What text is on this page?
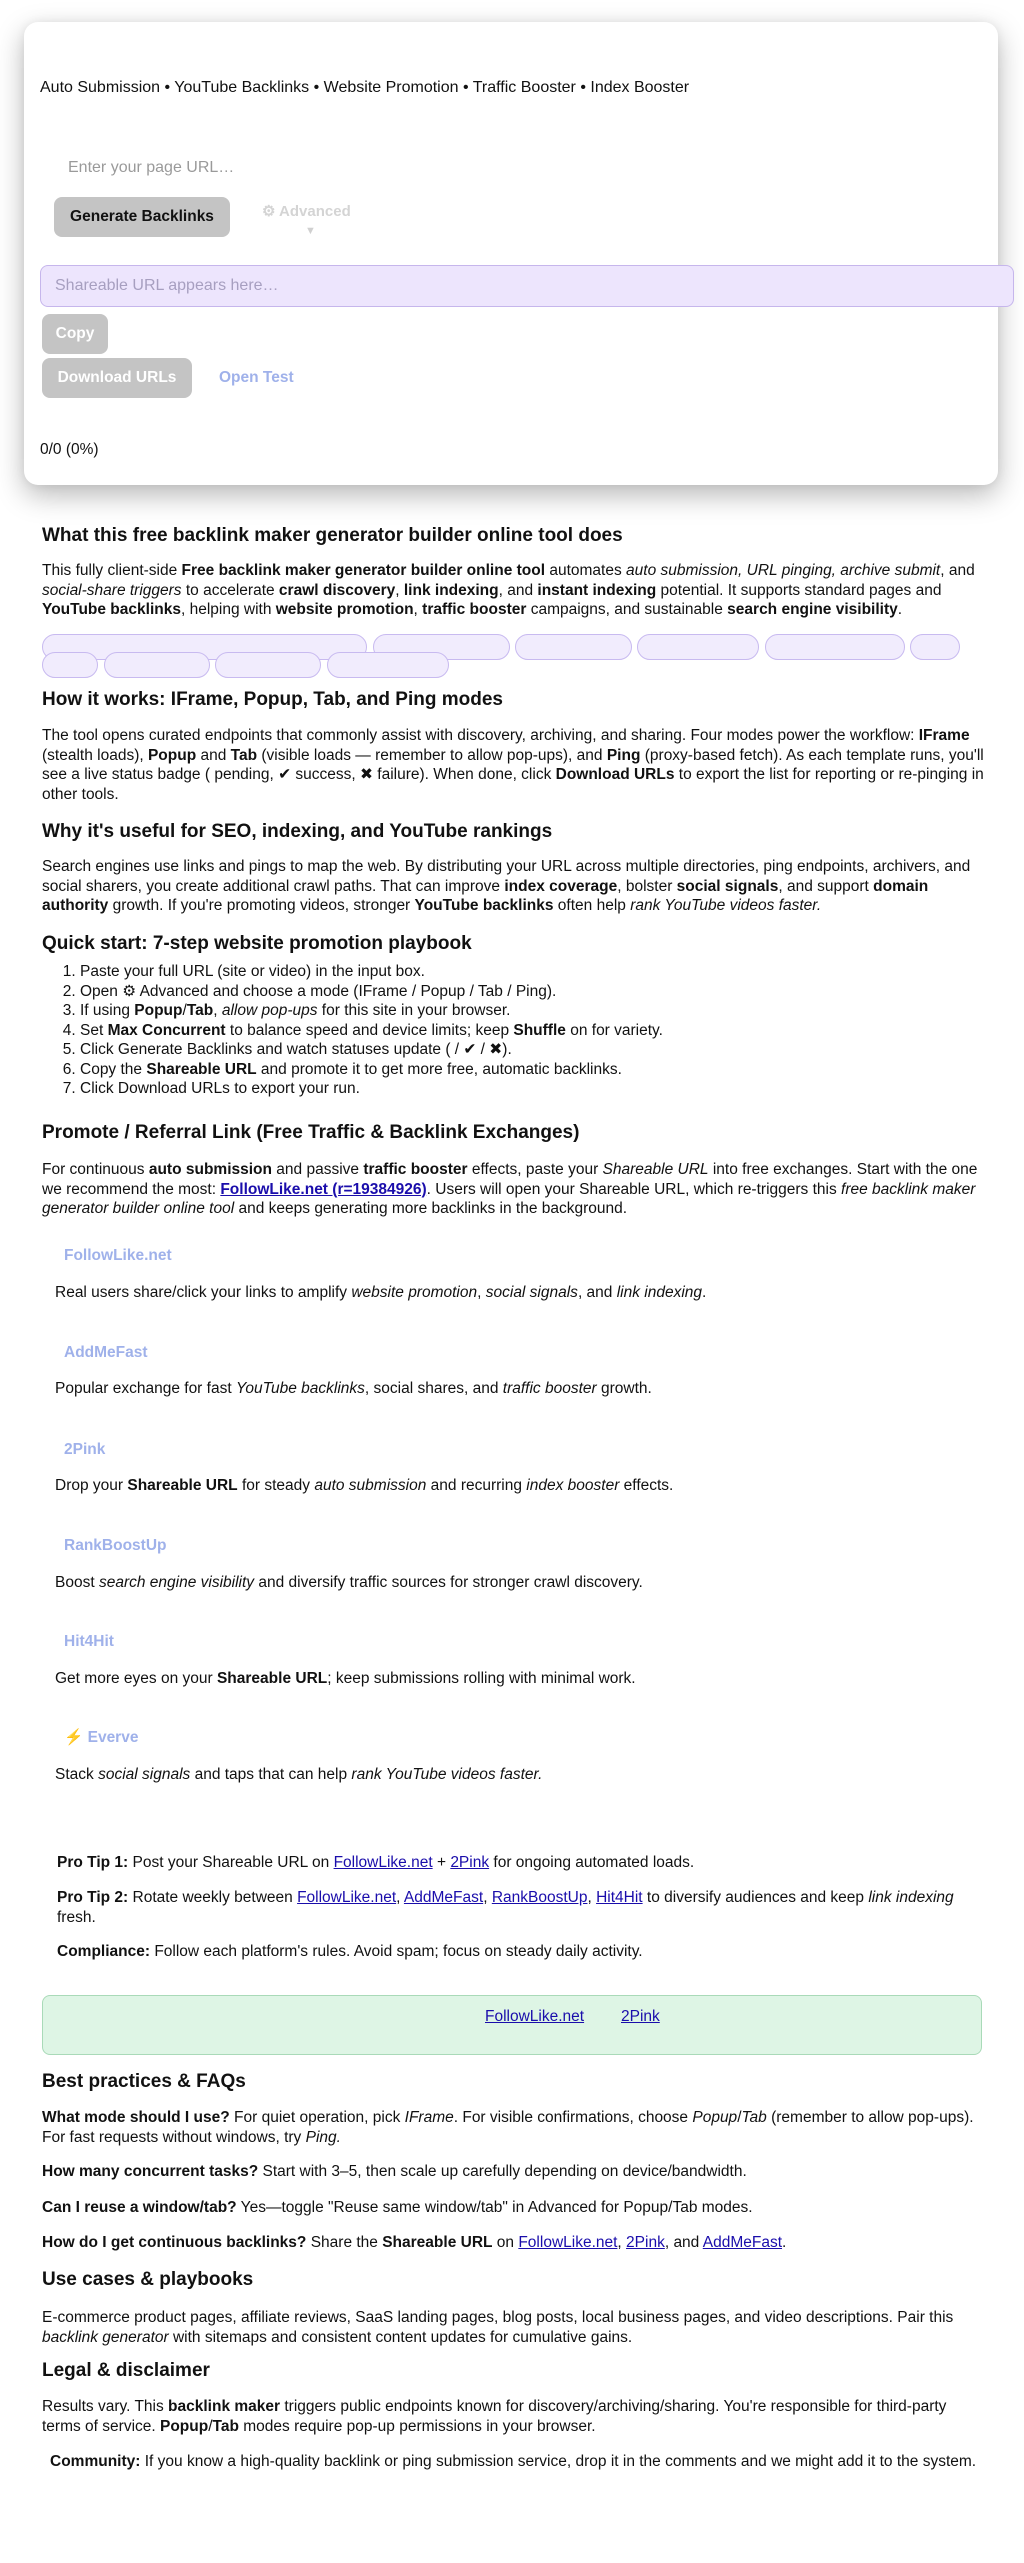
Auto Submission • YouTube Backlinks • Website Promotion • Traffic Booster • Index Booster
Enter your page URL…
Generate Backlinks	⚙ Advanced
▼
Shareable URL appears here…
Copy
Download URLs	Open Test
0/0 (0%)
What this free backlink maker generator builder online tool does

This fully client-side Free backlink maker generator builder online tool automates auto submission, URL pinging, archive submit, and social-share triggers to accelerate crawl discovery, link indexing, and instant indexing potential. It supports standard pages and YouTube backlinks, helping with website promotion, traffic booster campaigns, and sustainable search engine visibility.

How it works: IFrame, Popup, Tab, and Ping modes

The tool opens curated endpoints that commonly assist with discovery, archiving, and sharing. Four modes power the workflow: IFrame (stealth loads), Popup and Tab (visible loads — remember to allow pop-ups), and Ping (proxy-based fetch). As each template runs, you'll see a live status badge ( pending, ✔ success, ✖ failure). When done, click Download URLs to export the list for reporting or re-pinging in other tools.

Why it's useful for SEO, indexing, and YouTube rankings

Search engines use links and pings to map the web. By distributing your URL across multiple directories, ping endpoints, archivers, and social sharers, you create additional crawl paths. That can improve index coverage, bolster social signals, and support domain authority growth. If you're promoting videos, stronger YouTube backlinks often help rank YouTube videos faster.

Quick start: 7-step website promotion playbook
1. Paste your full URL (site or video) in the input box.
2. Open ⚙ Advanced and choose a mode (IFrame / Popup / Tab / Ping).
3. If using Popup/Tab, allow pop-ups for this site in your browser.
4. Set Max Concurrent to balance speed and device limits; keep Shuffle on for variety.
5. Click Generate Backlinks and watch statuses update ( / ✔ / ✖).
6. Copy the Shareable URL and promote it to get more free, automatic backlinks.
7. Click Download URLs to export your run.
Promote / Referral Link (Free Traffic & Backlink Exchanges)

For continuous auto submission and passive traffic booster effects, paste your Shareable URL into free exchanges. Start with the one we recommend the most: FollowLike.net (r=19384926). Users will open your Shareable URL, which re-triggers this free backlink maker generator builder online tool and keeps generating more backlinks in the background.

FollowLike.net
Real users share/click your links to amplify website promotion, social signals, and link indexing.
AddMeFast
Popular exchange for fast YouTube backlinks, social shares, and traffic booster growth.
2Pink
Drop your Shareable URL for steady auto submission and recurring index booster effects.
RankBoostUp
Boost search engine visibility and diversify traffic sources for stronger crawl discovery.
Hit4Hit
Get more eyes on your Shareable URL; keep submissions rolling with minimal work.
⚡ Everve
Stack social signals and taps that can help rank YouTube videos faster.

Pro Tip 1: Post your Shareable URL on FollowLike.net + 2Pink for ongoing automated loads.

Pro Tip 2: Rotate weekly between FollowLike.net, AddMeFast, RankBoostUp, Hit4Hit to diversify audiences and keep link indexing fresh.

Compliance: Follow each platform's rules. Avoid spam; focus on steady daily activity.

Best practices & FAQs

What mode should I use? For quiet operation, pick IFrame. For visible confirmations, choose Popup/Tab (remember to allow pop-ups). For fast requests without windows, try Ping.

How many concurrent tasks? Start with 3–5, then scale up carefully depending on device/bandwidth.

Can I reuse a window/tab? Yes—toggle "Reuse same window/tab" in Advanced for Popup/Tab modes.

How do I get continuous backlinks? Share the Shareable URL on FollowLike.net, 2Pink, and AddMeFast.

Use cases & playbooks

E-commerce product pages, affiliate reviews, SaaS landing pages, blog posts, local business pages, and video descriptions. Pair this backlink generator with sitemaps and consistent content updates for cumulative gains.

Legal & disclaimer

Results vary. This backlink maker triggers public endpoints known for discovery/archiving/sharing. You're responsible for third-party terms of service. Popup/Tab modes require pop-up permissions in your browser.

Community: If you know a high-quality backlink or ping submission service, drop it in the comments and we might add it to the system.

FollowLike.net 2Pink
